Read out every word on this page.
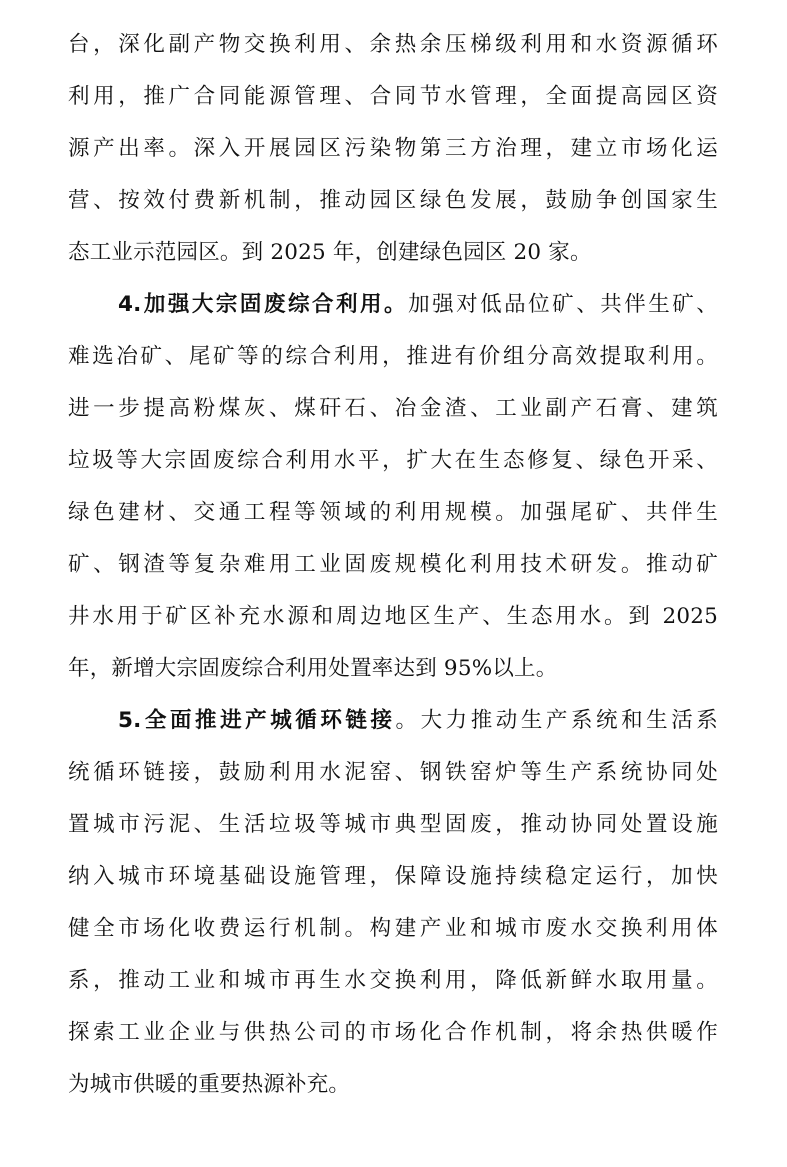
台，深化副产物交换利用、余热余压梯级利用和水资源循环
利用，推广合同能源管理、合同节水管理，全面提高园区资
源产出率。深入开展园区污染物第三方治理，建立市场化运
营、按效付费新机制，推动园区绿色发展，鼓励争创国家生
态工业示范园区。到 2025 年，创建绿色园区 20 家。
4.加强大宗固废综合利用。加强对低品位矿、共伴生矿、
难选冶矿、尾矿等的综合利用，推进有价组分高效提取利用。
进一步提高粉煤灰、煤矸石、冶金渣、工业副产石膏、建筑
垃圾等大宗固废综合利用水平，扩大在生态修复、绿色开采、
绿色建材、交通工程等领域的利用规模。加强尾矿、共伴生
矿、钢渣等复杂难用工业固废规模化利用技术研发。推动矿
井水用于矿区补充水源和周边地区生产、生态用水。到 2025
年，新增大宗固废综合利用处置率达到 95%以上。
5.全面推进产城循环链接。大力推动生产系统和生活系
统循环链接，鼓励利用水泥窑、钢铁窑炉等生产系统协同处
置城市污泥、生活垃圾等城市典型固废，推动协同处置设施
纳入城市环境基础设施管理，保障设施持续稳定运行，加快
健全市场化收费运行机制。构建产业和城市废水交换利用体
系，推动工业和城市再生水交换利用，降低新鲜水取用量。
探索工业企业与供热公司的市场化合作机制，将余热供暖作
为城市供暖的重要热源补充。
